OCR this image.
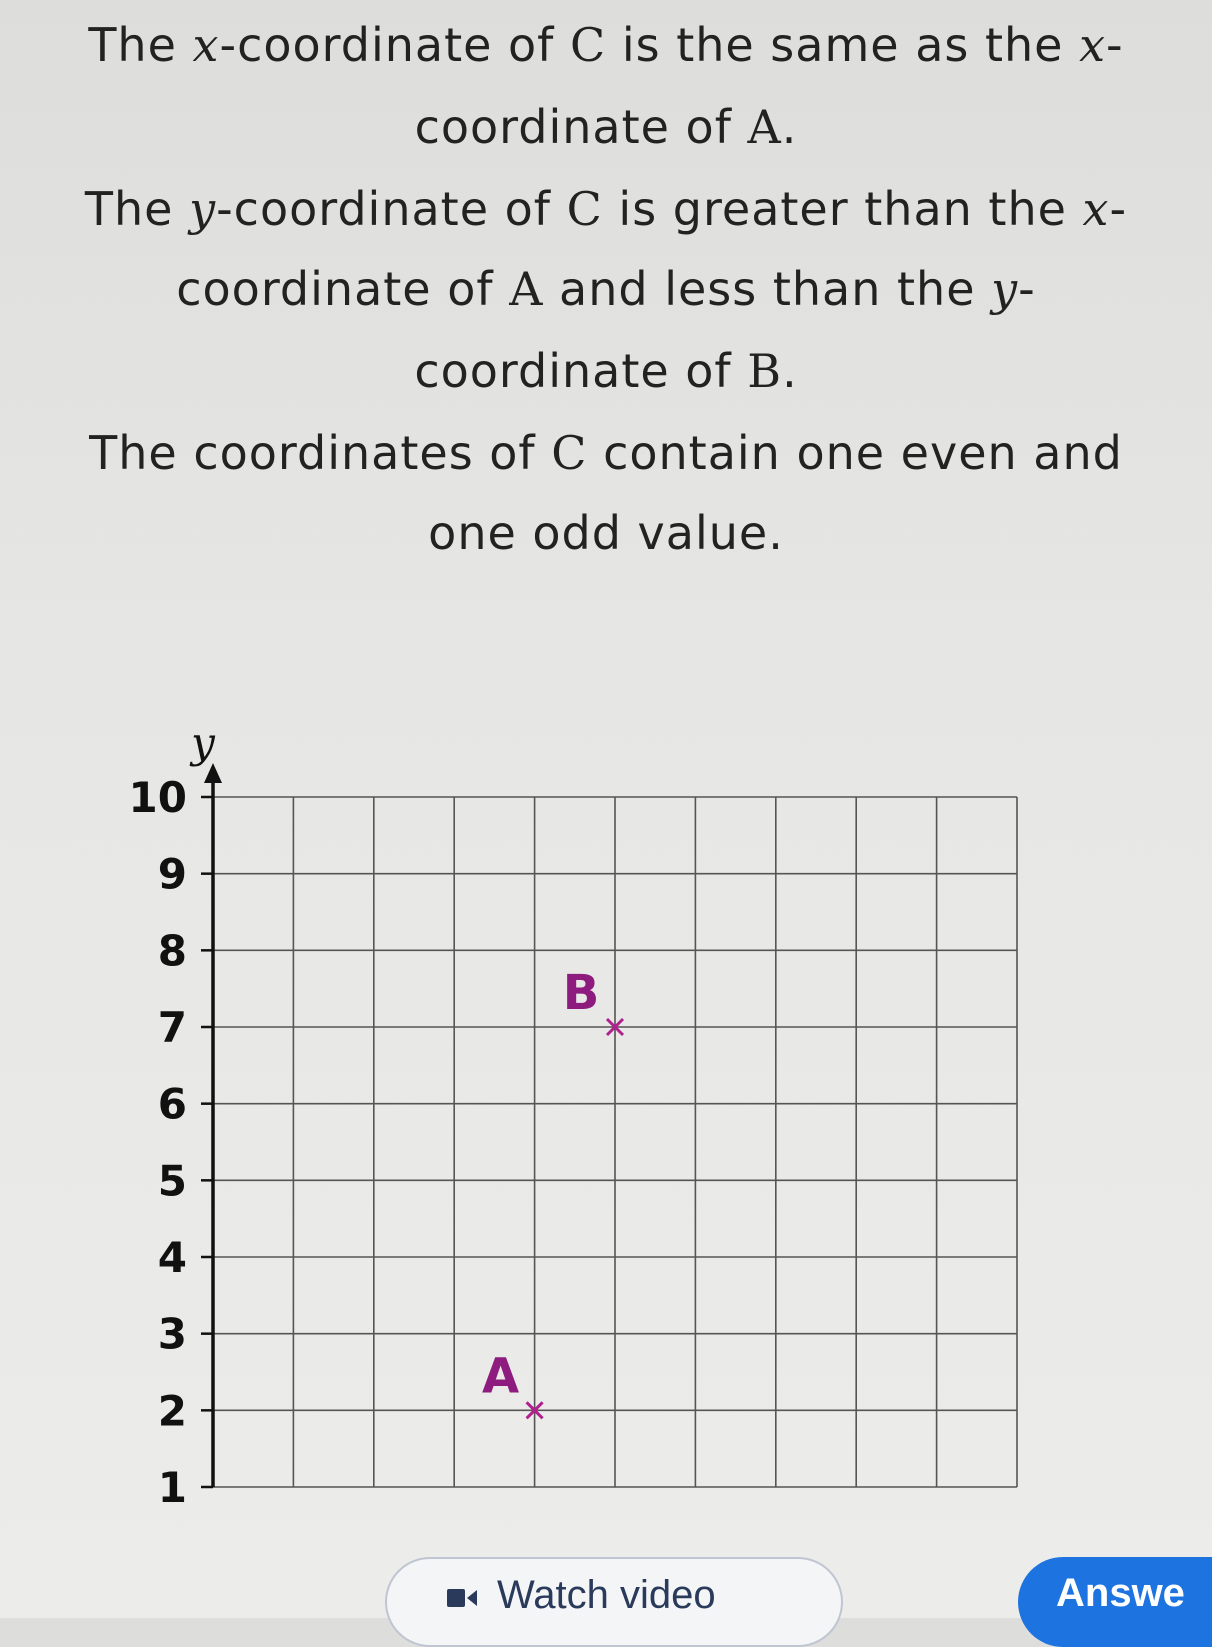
The x-coordinate of C is the same as the x-
coordinate of A.
The y-coordinate of C is greater than the x-
coordinate of A and less than the y-
coordinate of B.
The coordinates of C contain one even and
one odd value.
1
2
3
4
5
6
7
8
9
10
y
A
B
Watch video	Answe
